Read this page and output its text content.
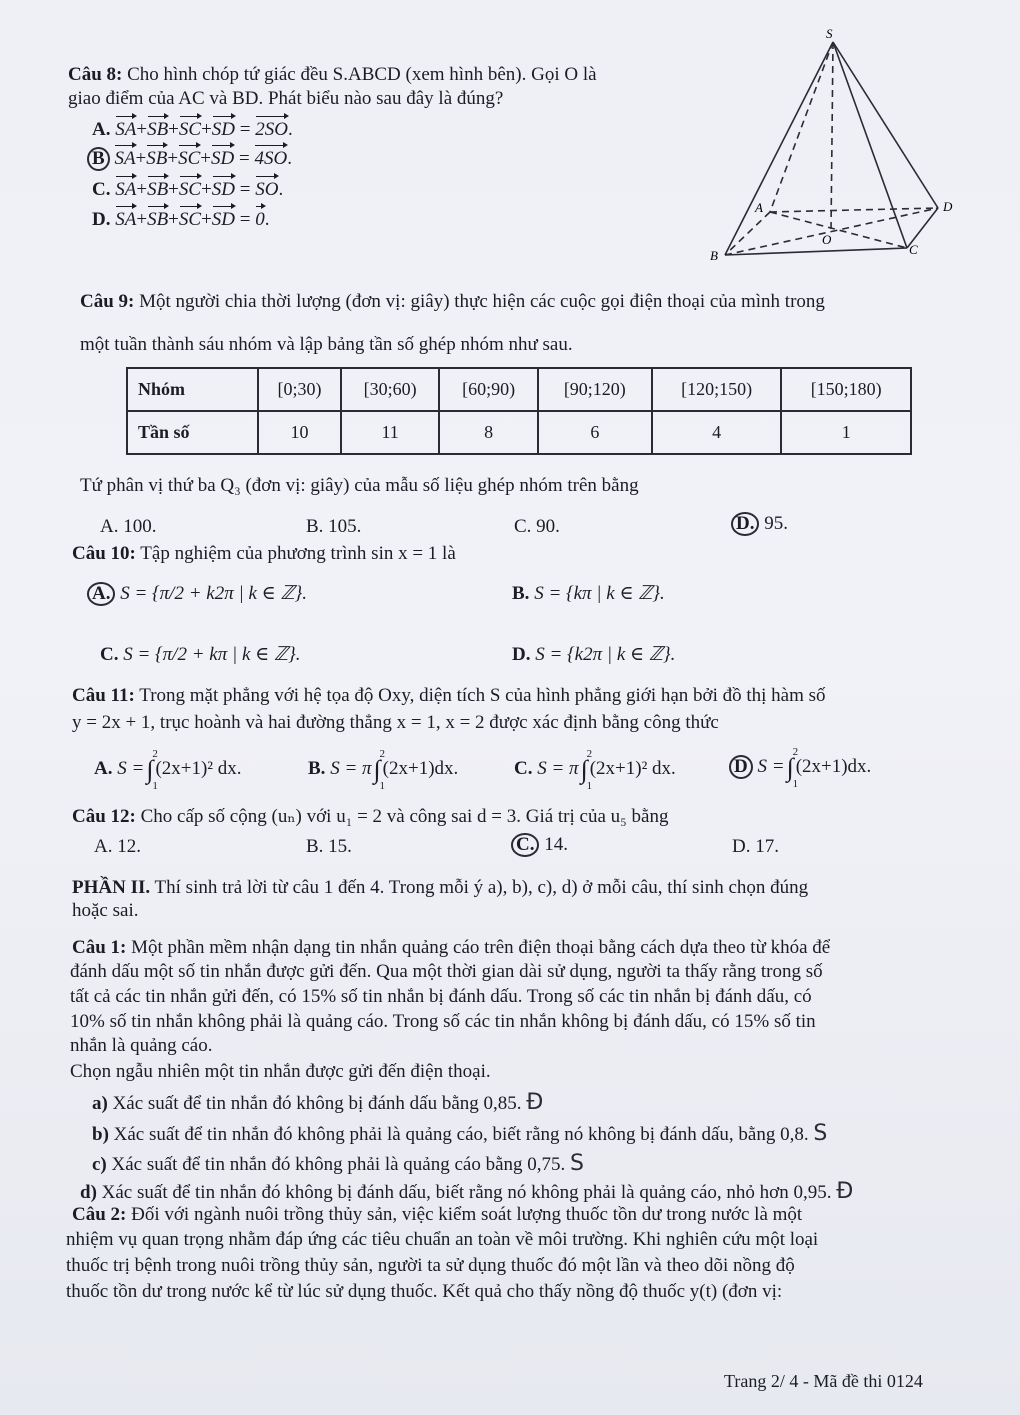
Câu 8: Cho hình chóp tứ giác đều S.ABCD (xem hình bên). Gọi O là
giao điểm của AC và BD. Phát biểu nào sau đây là đúng?
A. SA+SB+SC+SD = 2SO.
B SA+SB+SC+SD = 4SO.
C. SA+SB+SC+SD = SO.
D. SA+SB+SC+SD = 0.
S
A
B	C
D
O
Câu 9: Một người chia thời lượng (đơn vị: giây) thực hiện các cuộc gọi điện thoại của mình trong
một tuần thành sáu nhóm và lập bảng tần số ghép nhóm như sau.
Nhóm	[0;30)	[30;60)	[60;90)	[90;120)	[120;150)	[150;180)
Tần số	10	11	8	6	4	1
Tứ phân vị thứ ba Q₃ (đơn vị: giây) của mẫu số liệu ghép nhóm trên bằng
A. 100.	B. 105.	C. 90.	D. 95.
Câu 10: Tập nghiệm của phương trình sin x = 1 là
A. S = {π/2 + k2π | k ∈ ℤ}.	B. S = {kπ | k ∈ ℤ}.
C. S = {π/2 + kπ | k ∈ ℤ}.	D. S = {k2π | k ∈ ℤ}.
Câu 11: Trong mặt phẳng với hệ tọa độ Oxy, diện tích S của hình phẳng giới hạn bởi đồ thị hàm số
y = 2x + 1, trục hoành và hai đường thẳng x = 1, x = 2 được xác định bằng công thức
A. S =∫
2
1
(2x+1)² dx.	B. S = π∫
2
1
(2x+1)dx.	C. S = π∫
2
1
(2x+1)² dx.	D S =∫
2
1
(2x+1)dx.
Câu 12: Cho cấp số cộng (uₙ) với u₁ = 2 và công sai d = 3. Giá trị của u₅ bằng
A. 12.	B. 15.	C. 14.	D. 17.
PHẦN II. Thí sinh trả lời từ câu 1 đến 4. Trong mỗi ý a), b), c), d) ở mỗi câu, thí sinh chọn đúng
hoặc sai.
Câu 1: Một phần mềm nhận dạng tin nhắn quảng cáo trên điện thoại bằng cách dựa theo từ khóa để
đánh dấu một số tin nhắn được gửi đến. Qua một thời gian dài sử dụng, người ta thấy rằng trong số
tất cả các tin nhắn gửi đến, có 15% số tin nhắn bị đánh dấu. Trong số các tin nhắn bị đánh dấu, có
10% số tin nhắn không phải là quảng cáo. Trong số các tin nhắn không bị đánh dấu, có 15% số tin
nhắn là quảng cáo.
Chọn ngẫu nhiên một tin nhắn được gửi đến điện thoại.
a) Xác suất để tin nhắn đó không bị đánh dấu bằng 0,85. Đ
b) Xác suất để tin nhắn đó không phải là quảng cáo, biết rằng nó không bị đánh dấu, bằng 0,8. S
c) Xác suất để tin nhắn đó không phải là quảng cáo bằng 0,75. S
d) Xác suất để tin nhắn đó không bị đánh dấu, biết rằng nó không phải là quảng cáo, nhỏ hơn 0,95. Đ
Câu 2: Đối với ngành nuôi trồng thủy sản, việc kiểm soát lượng thuốc tồn dư trong nước là một
nhiệm vụ quan trọng nhằm đáp ứng các tiêu chuẩn an toàn về môi trường. Khi nghiên cứu một loại
thuốc trị bệnh trong nuôi trồng thủy sản, người ta sử dụng thuốc đó một lần và theo dõi nồng độ
thuốc tồn dư trong nước kể từ lúc sử dụng thuốc. Kết quả cho thấy nồng độ thuốc y(t) (đơn vị:
Trang 2/ 4 - Mã đề thi 0124
